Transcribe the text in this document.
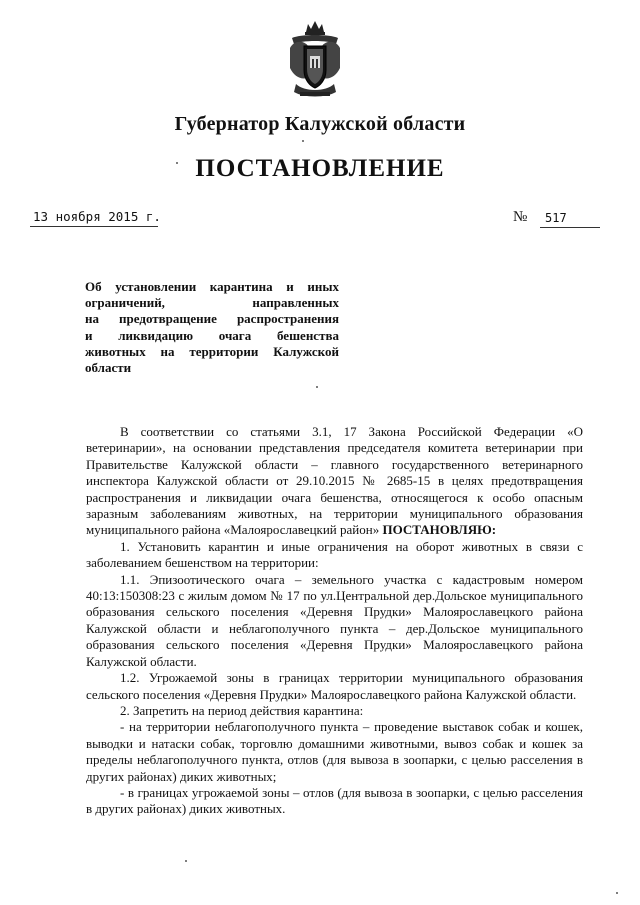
Губернатор Калужской области
ПОСТАНОВЛЕНИЕ
13 ноября 2015 г.	№ 517
Об установлении карантина и иных
ограничений, направленных
на предотвращение распространения
и ликвидацию очага бешенства
животных на территории Калужской
области

В соответствии со статьями 3.1, 17 Закона Российской Федерации «О ветеринарии», на основании представления председателя комитета ветеринарии при Правительстве Калужской области – главного государственного ветеринарного инспектора Калужской области от 29.10.2015 № 2685-15 в целях предотвращения распространения и ликвидации очага бешенства, относящегося к особо опасным заразным заболеваниям животных, на территории муниципального образования муниципального района «Малоярославецкий район» ПОСТАНОВЛЯЮ:

1. Установить карантин и иные ограничения на оборот животных в связи с заболеванием бешенством на территории:

1.1. Эпизоотического очага – земельного участка с кадастровым номером 40:13:150308:23 с жилым домом № 17 по ул.Центральной дер.Дольское муниципального образования сельского поселения «Деревня Прудки» Малоярославецкого района Калужской области и неблагополучного пункта – дер.Дольское муниципального образования сельского поселения «Деревня Прудки» Малоярославецкого района Калужской области.

1.2. Угрожаемой зоны в границах территории муниципального образования сельского поселения «Деревня Прудки» Малоярославецкого района Калужской области.

2. Запретить на период действия карантина:

- на территории неблагополучного пункта – проведение выставок собак и кошек, выводки и натаски собак, торговлю домашними животными, вывоз собак и кошек за пределы неблагополучного пункта, отлов (для вывоза в зоопарки, с целью расселения в других районах) диких животных;

- в границах угрожаемой зоны – отлов (для вывоза в зоопарки, с целью расселения в других районах) диких животных.
